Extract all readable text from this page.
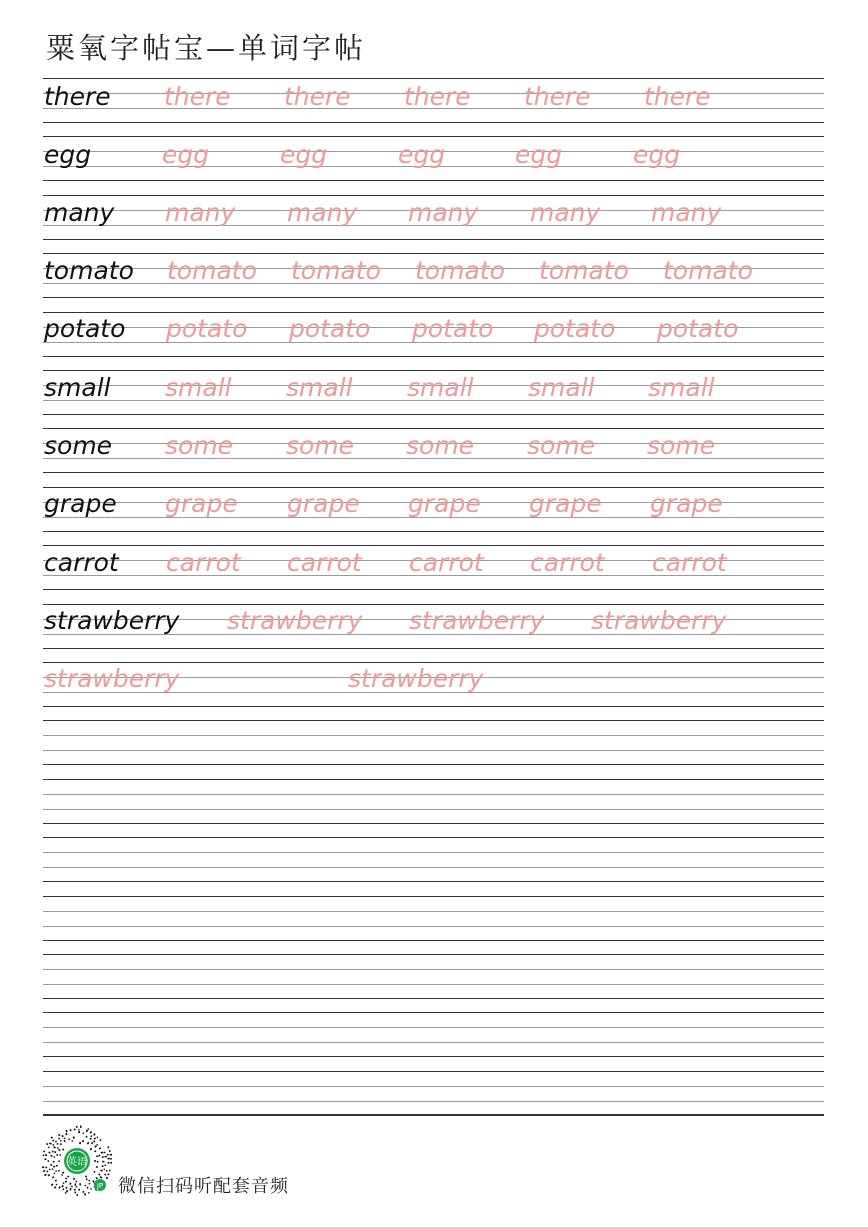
粟氧字帖宝—单词字帖
there there there there there there
egg	egg	egg	egg	egg	egg
many many many many many many
tomato tomato tomato tomato tomato tomato
potato potato potato potato potato potato
small small small small small small
some some some some some some
grape grape grape grape grape grape
carrot carrot carrot carrot carrot carrot
strawberry strawberry strawberry strawberry
strawberry	strawberry
英语
JP 微信扫码听配套音频
